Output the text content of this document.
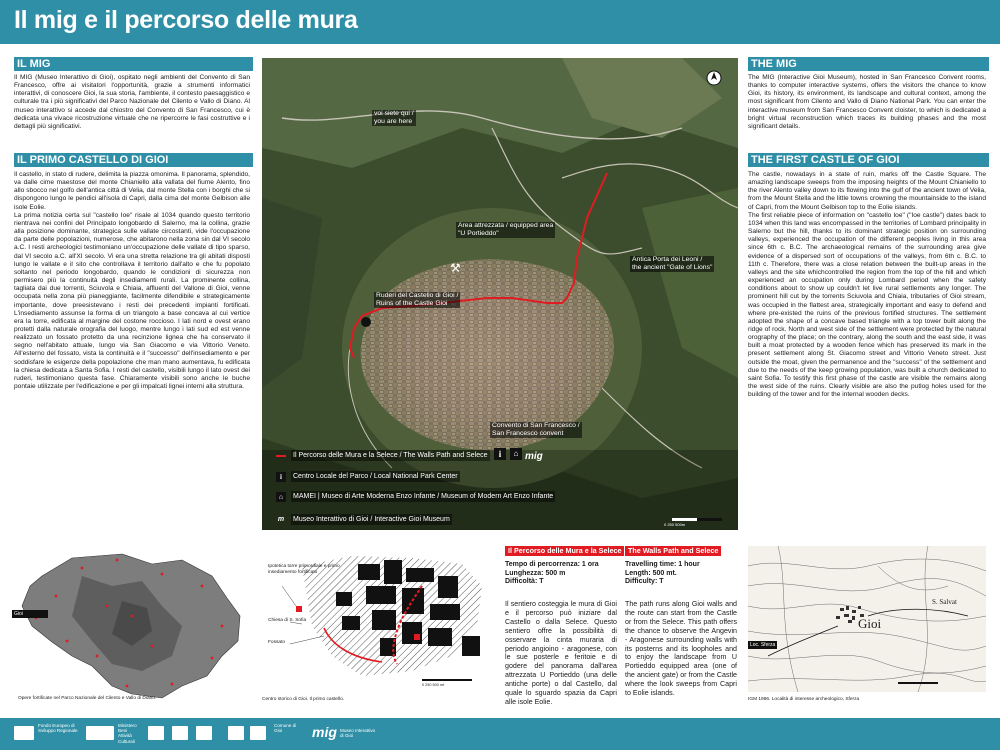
Il mig e il percorso delle mura
IL MIG

Il MIG (Museo Interattivo di Gioi), ospitato negli ambienti del Convento di San Francesco, offre ai visitatori l'opportunità, grazie a strumenti informatici interattivi, di conoscere Gioi, la sua storia, l'ambiente, il contesto paesaggistico e culturale tra i più significativi del Parco Nazionale del Cilento e Vallo di Diano. Al museo interattivo si accede dal chiostro del Convento di San Francesco, cui è dedicata una vivace ricostruzione virtuale che ne ripercorre le fasi costruttive e i dettagli più significativi.

IL PRIMO CASTELLO DI GIOI

Il castello, in stato di rudere, delimita la piazza omonima. Il panorama, splendido, va dalle cime maestose del monte Chianiello alla vallata del fiume Alento, fino allo sbocco nel golfo dell'antica città di Velia, dal monte Stella con i borghi che si dispongono lungo le pendici all'isola di Capri, dalla cima del monte Gelbison alle isole Eolie.

La prima notizia certa sul "castello Ioe" risale al 1034 quando questo territorio rientrava nei confini del Principato longobardo di Salerno, ma la collina, grazie alla posizione dominante, strategica sulle vallate circostanti, vide l'occupazione da parte delle popolazioni, numerose, che abitarono nella zona sin dal VI secolo a.C. I resti archeologici testimoniano un'occupazione delle vallate di tipo sparso, dal VI secolo a.C. all'XI secolo. Vi era una stretta relazione tra gli abitati disposti lungo le vallate e il sito che controllava il territorio dall'alto e che fu popolato soltanto nel periodo longobardo, quando le condizioni di sicurezza non permisero più la continuità degli insediamenti rurali. La prominente collina, tagliata dai due torrenti, Sciuvola e Chiaia, affluenti del Vallone di Gioi, venne occupata nella zona più pianeggiante, facilmente difendibile e strategicamente importante, dove preesistevano i resti dei precedenti impianti fortificati. L'insediamento assunse la forma di un triangolo a base concava al cui vertice era la torre, edificata al margine del costone roccioso. I lati nord e ovest erano protetti dalla naturale orografia del luogo, mentre lungo i lati sud ed est venne realizzato un fossato protetto da una recinzione lignea che ha conservato il segno nell'abitato attuale, lungo via San Giacomo e via Vittorio Veneto. All'esterno del fossato, vista la continuità e il "successo" dell'insediamento e per soddisfare le esigenze della popolazione che man mano aumentava, fu edificata la chiesa dedicata a Santa Sofia. I resti del castello, visibili lungo il lato ovest dei ruderi, testimoniano questa fase. Chiaramente visibili sono anche le buche pontaie utilizzate per l'edificazione e per gli impalcati lignei interni alla struttura.

THE MIG

The MIG (Interactive Gioi Museum), hosted in San Francesco Convent rooms, thanks to computer interactive systems, offers the visitors the chance to know Gioi, its history, its environment, its landscape and cultural context, among the most significant from Cilento and Vallo di Diano National Park. You can enter the interactive museum from San Francesco Convent cloister, to which is dedicated a bright virtual reconstruction which traces its building phases and the most significant details.

THE FIRST CASTLE OF GIOI

The castle, nowadays in a state of ruin, marks off the Castle Square. The amazing landscape sweeps from the imposing heights of the Mount Chianiello to the river Alento valley down to its flowing into the gulf of the ancient town of Velia, from the Mount Stella and the little towns crowning the mountainside to the island of Capri, from the Mount Gelbison top to the Eolie islands.

The first reliable piece of information on "castello Ioe" ("Ioe castle") dates back to 1034 when this land was encompassed in the territories of Lombard principality in Salerno but the hill, thanks to its dominant strategic position on surrounding valleys, experienced the occupation of the different peoples living in this area since 6th c. B.C. The archaeological remains of the surrounding area give evidence of a dispersed sort of occupations of the valleys, from 6th c. B.C. to 11th c. Therefore, there was a close relation between the built-up areas in the valleys and the site whichcontrolled the region from the top of the hill and which experienced an occupation only during Lombard period when the safety conditions about to show up couldn't let live rural settlements any longer. The prominent hill cut by the torrents Sciuvola and Chiaia, tributaries of Gioi stream, was occupied in the flattest area, strategically important and easy to defend and where pre-existed the ruins of the previous fortified structures. The settlement adopted the shape of a concave based triangle with a top tower built along the ridge of rock. North and west side of the settlement were protected by the natural orography of the place; on the contrary, along the south and the east side, it was built a moat protected by a wooden fence which has preserved its mark in the present settlement along St. Giacomo street and Vittorio Veneto street. Just outside the moat, given the permanence and the "success" of the settlement and due to the needs of the keep growing population, was built a church dedicated to saint Sofia. To testify this first phase of the castle are visible the remains along the west side of the ruins. Clearly visible are also the putlog holes used for the building of the tower and for the internal wooden decks.

voi siete qui /
you are here
Area attrezzata / equipped area
"U Portieddo"
⚒
Antica Porta dei Leoni /
the ancient "Gate of Lions"
Ruderi del Castello di Gioi /
Ruins of the Castle Gioi
Convento di San Francesco /
San Francesco convent
i	⌂ mig
Il Percorso delle Mura e la Selece / The Walls Path and Selece
i	Centro Locale del Parco / Local National Park Center
⌂	MAMEI | Museo di Arte Moderna Enzo Infante / Museum of Modern Art Enzo Infante
m Museo Interattivo di Gioi / Interactive Gioi Museum
0 250 500m
Gioi
Opere fortificate nel Parco Nazionale del Cilento e Vallo di Diano.
Ipotetica torre primordiale e primo insediamento fortificato
Chiesa di S. Sofia
Fossato
0 250 500 mt
Centro storico di Gioi. Il primo castello.
Il Percorso delle Mura e la Selece
Tempo di percorrenza: 1 ora
Lunghezza: 500 m
Difficoltà: T
Il sentiero costeggia le mura di Gioi e il percorso può iniziare dal Castello o dalla Selece. Questo sentiero offre la possibilità di osservare la cinta muraria di periodo angioino - aragonese, con le sue posterle e feritoie e di godere del panorama dall'area attrezzata U Portieddo (una delle antiche porte) o dal Castello, dal quale lo sguardo spazia da Capri alle isole Eolie.
The Walls Path and Selece
Travelling time: 1 hour
Length: 500 mt.
Difficulty: T
The path runs along Gioi walls and the route can start from the Castle or from the Selece. This path offers the chance to observe the Angevin - Aragonese surrounding walls with its posterns and its loopholes and to enjoy the landscape from U Portieddo equipped area (one of the ancient gate) or from the Castle where the look sweeps from Capri to Eolie islands.
Gioi
Loc. Sferza
S. Salvat
IGM 1986. Località di interesse archeologico, Sferza
Fondo Europeo di Sviluppo Regionale
Ministero Beni Attività Culturali
Comune di Gioi	mig Museo Interattivo di Gioi
